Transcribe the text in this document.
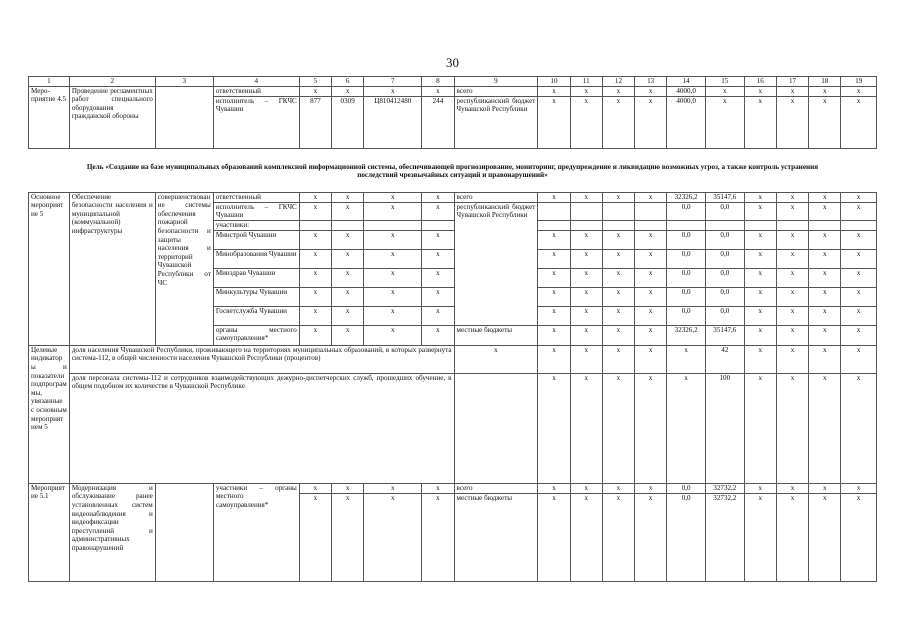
30
1	2	3	4	5	6	7	8	9	10	11	12	13	14	15	16	17	18	19
Меро-приятие 4.5	Проведение регламентных работ специального оборудования гражданской обороны		ответственный	х	х	х	х	всего	х	х	х	х	4000,0	х	х	х	х	х
			исполнитель – ГКЧС Чувашии	877	0309	Ц810412480	244	республиканский бюджет Чувашской Республики	х	х	х	х	4000,0	х	х	х	х	х
Цель «Создание на базе муниципальных образований комплексной информационной системы, обеспечивающей прогнозирование, мониторинг, предупреждение и ликвидацию возможных угроз, а также контроль устранения последствий чрезвычайных ситуаций и правонарушений»																		
Основное мероприятие 5	Обеспечение безопасности населения и муниципальной (коммунальной) инфраструктуры	совершенствование системы обеспечения пожарной безопасности и защиты населения и территорий Чувашской Республики от ЧС	ответственный	х	х	х	х	всего	х	х	х	х	32326,2	35147,6	х	х	х	х
			исполнитель – ГКЧС Чувашии	х	х	х	х	республиканский бюджет Чувашской Республики					0,0	0,0	х	х	х	х
			участники:															
			Минстрой Чувашии	х	х	х	х		х	х	х	х	0,0	0,0	х	х	х	х
			Минобразования Чувашии	х	х	х	х		х	х	х	х	0,0	0,0	х	х	х	х
			Минздрав Чувашии	х	х	х	х		х	х	х	х	0,0	0,0	х	х	х	х
			Минкультуры Чувашии	х	х	х	х		х	х	х	х	0,0	0,0	х	х	х	х
			Госветслужба Чувашии	х	х	х	х		х	х	х	х	0,0	0,0	х	х	х	х
			органы местного самоуправления*	х	х	х	х	местные бюджеты	х	х	х	х	32326,2	35147,6	х	х	х	х
Целевые индикаторы и показатели подпрограммы, увязанные с основным мероприятием 5	доля населения Чувашской Республики, проживающего на территориях муниципальных образований, в которых развернута система-112, в общей численности населения Чувашской Республики (процентов)							х	х	х	х	х	х	42	х	х	х	х
	доля персонала системы-112 и сотрудников взаимодействующих дежурно-диспетчерских служб, прошедших обучение, в общем подобном их количестве в Чувашской Республике								х	х	х	х	х	100	х	х	х	х
Мероприятие 5.1	Модернизация и обслуживание ранее установленных систем видеонаблюдения и видеофиксации преступлений и административных правонарушений		участники – органы местного самоуправления*	х	х	х	х	всего	х	х	х	х	0,0	32732,2	х	х	х	х
				х	х	х	х	местные бюджеты	х	х	х	х	0,0	32732,2	х	х	х	х
